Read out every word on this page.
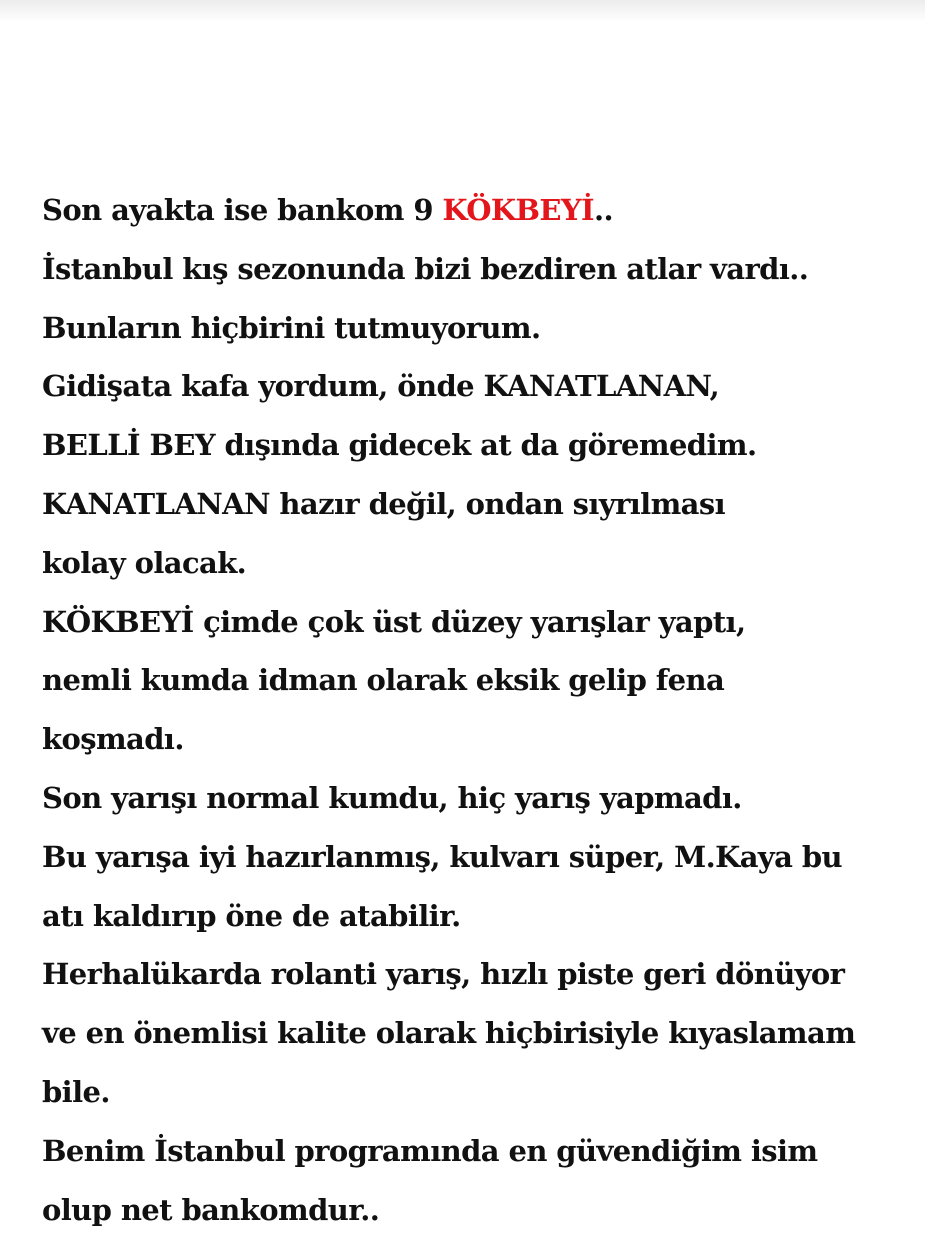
Son ayakta ise bankom 9 KÖKBEYİ..
İstanbul kış sezonunda bizi bezdiren atlar vardı..
Bunların hiçbirini tutmuyorum.
Gidişata kafa yordum, önde KANATLANAN,
BELLİ BEY dışında gidecek at da göremedim.
KANATLANAN hazır değil, ondan sıyrılması
kolay olacak.
KÖKBEYİ çimde çok üst düzey yarışlar yaptı,
nemli kumda idman olarak eksik gelip fena
koşmadı.
Son yarışı normal kumdu, hiç yarış yapmadı.
Bu yarışa iyi hazırlanmış, kulvarı süper, M.Kaya bu
atı kaldırıp öne de atabilir.
Herhalükarda rolanti yarış, hızlı piste geri dönüyor
ve en önemlisi kalite olarak hiçbirisiyle kıyaslamam
bile.
Benim İstanbul programında en güvendiğim isim
olup net bankomdur..
